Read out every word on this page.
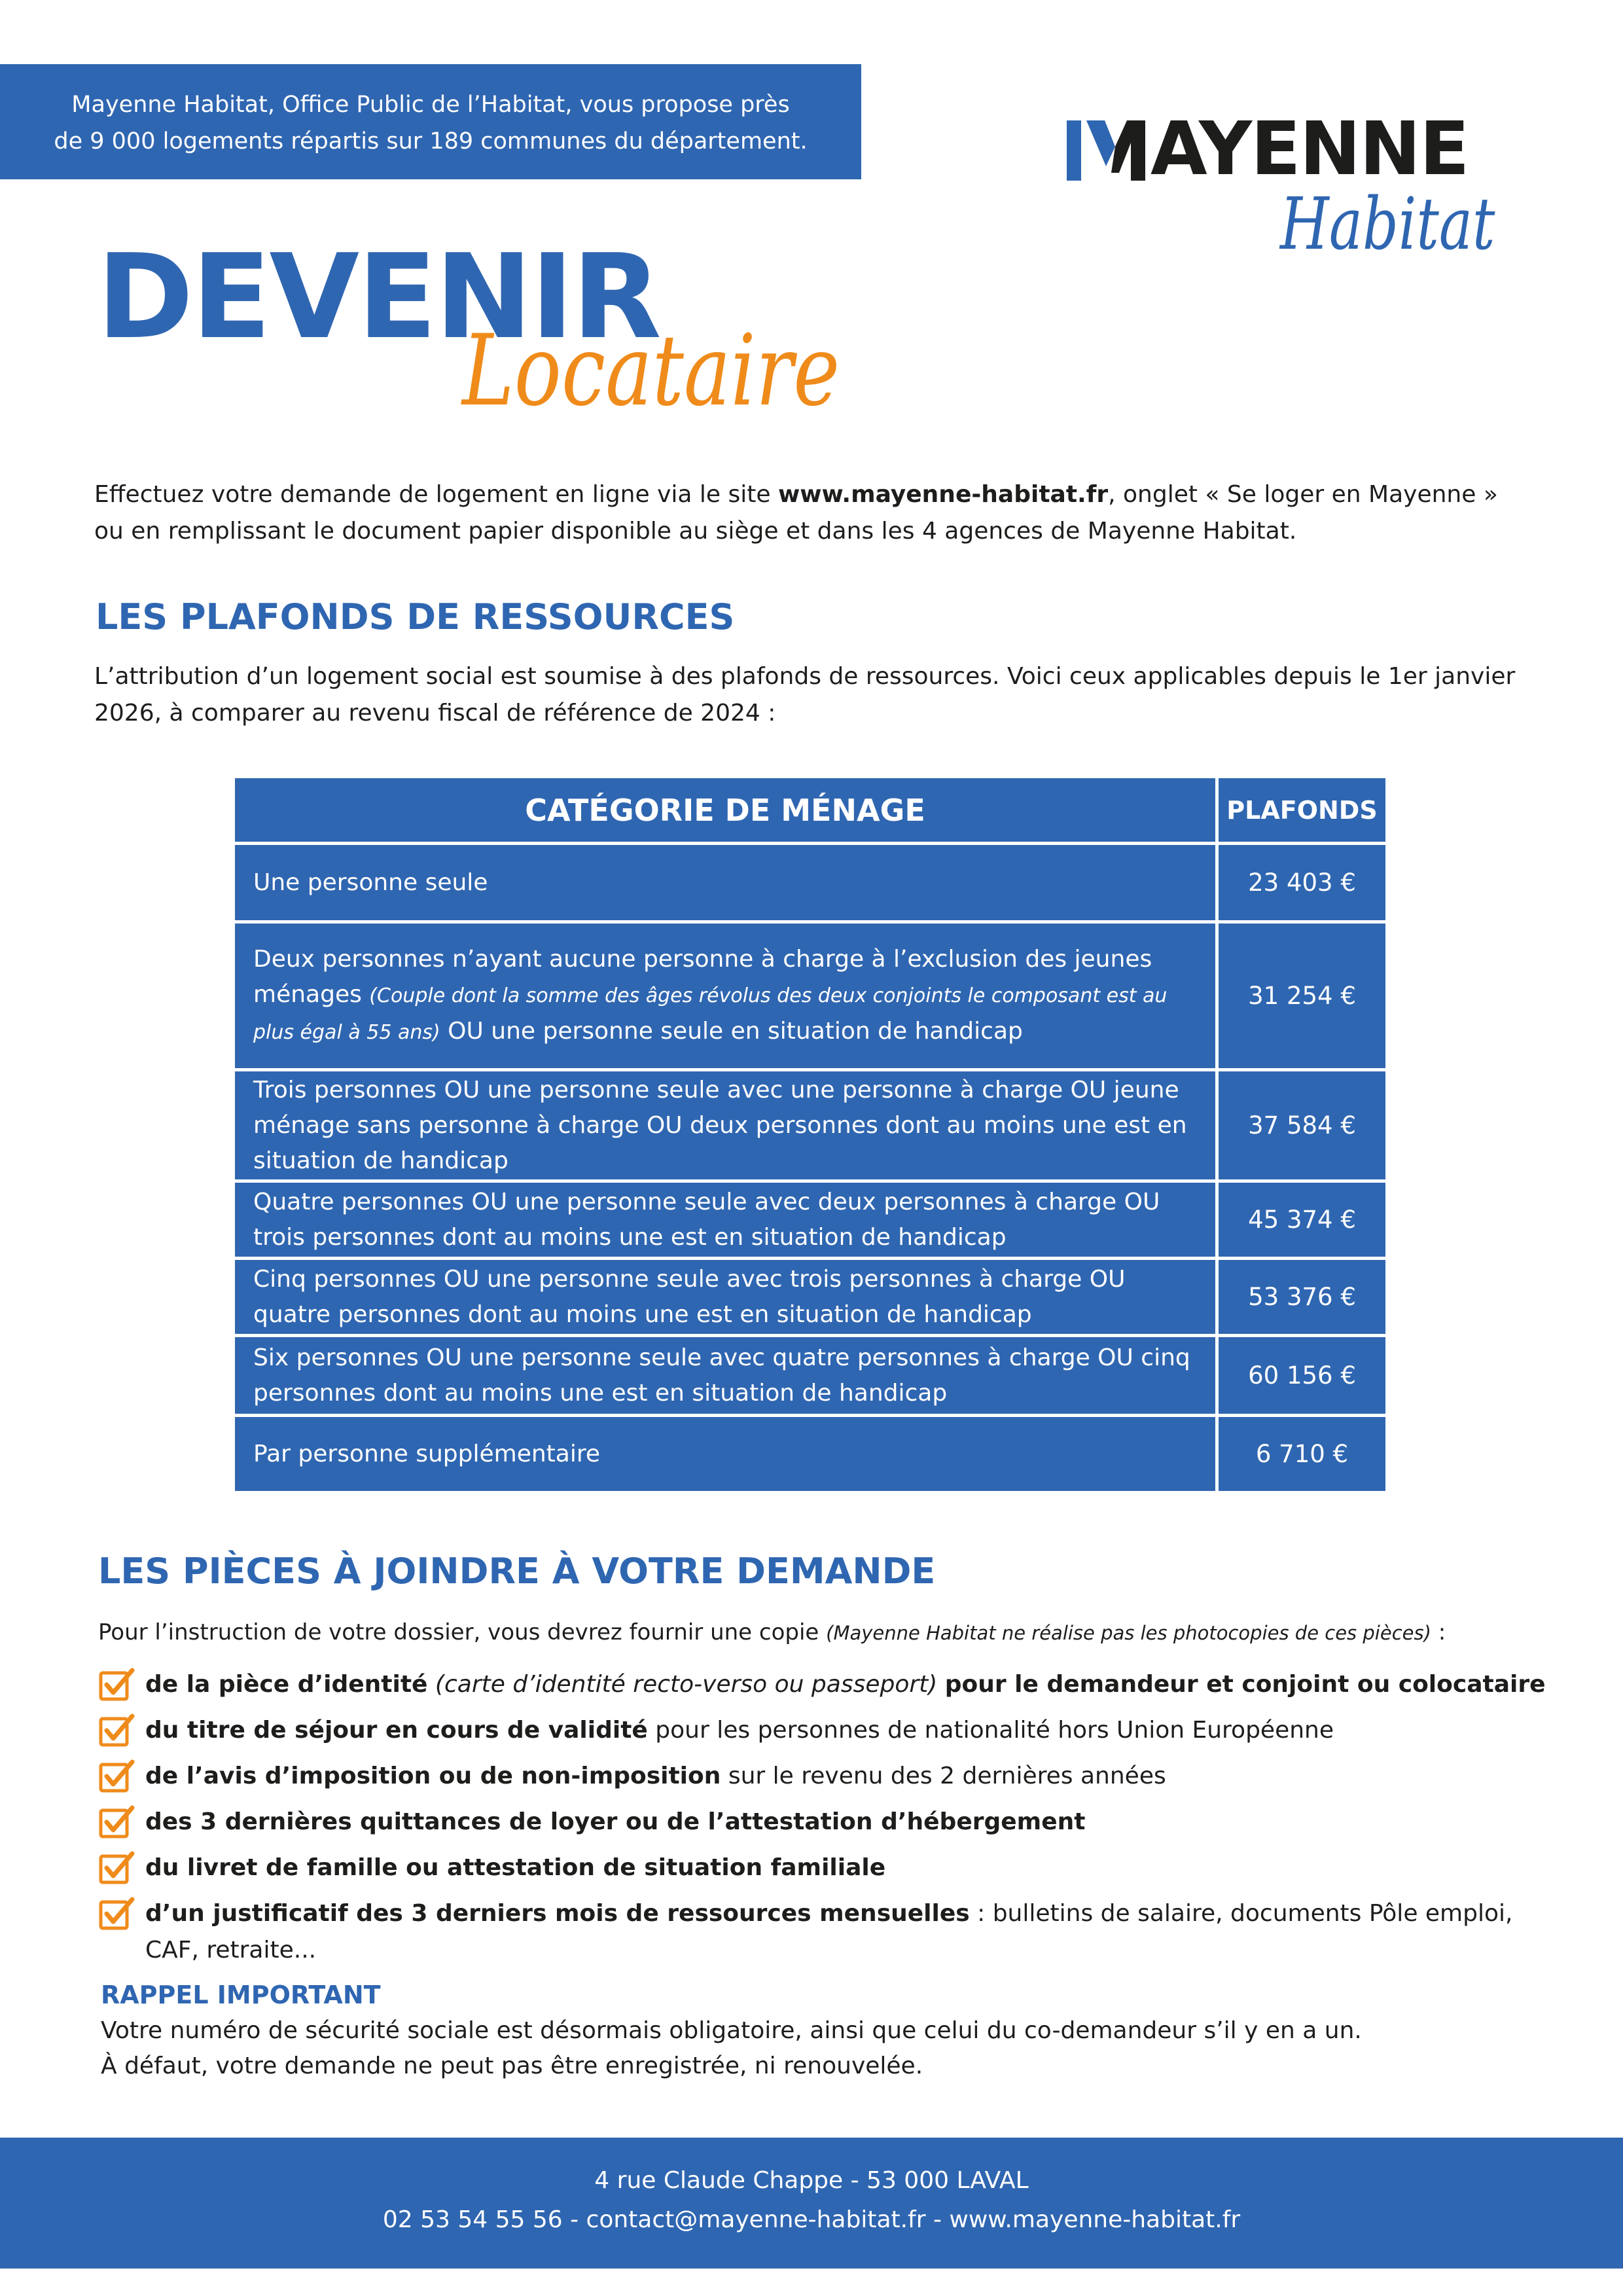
Mayenne Habitat, Office Public de l’Habitat, vous propose près
de 9 000 logements répartis sur 189 communes du département.	AYENNE
Habitat
DEVENIR
Locataire
Effectuez votre demande de logement en ligne via le site www.mayenne-habitat.fr, onglet « Se loger en Mayenne » ou en remplissant le document papier disponible au siège et dans les 4 agences de Mayenne Habitat.
LES PLAFONDS DE RESSOURCES
L’attribution d’un logement social est soumise à des plafonds de ressources. Voici ceux applicables depuis le 1er janvier 2026, à comparer au revenu fiscal de référence de 2024 :
CATÉGORIE DE MÉNAGE	PLAFONDS
Une personne seule	23 403 €
Deux personnes n’ayant aucune personne à charge à l’exclusion des jeunes ménages (Couple dont la somme des âges révolus des deux conjoints le composant est au plus égal à 55 ans) OU une personne seule en situation de handicap	31 254 €
Trois personnes OU une personne seule avec une personne à charge OU jeune ménage sans personne à charge OU deux personnes dont au moins une est en situation de handicap	37 584 €
Quatre personnes OU une personne seule avec deux personnes à charge OU trois personnes dont au moins une est en situation de handicap	45 374 €
Cinq personnes OU une personne seule avec trois personnes à charge OU quatre personnes dont au moins une est en situation de handicap	53 376 €
Six personnes OU une personne seule avec quatre personnes à charge OU cinq personnes dont au moins une est en situation de handicap	60 156 €
Par personne supplémentaire	6 710 €
LES PIÈCES À JOINDRE À VOTRE DEMANDE
Pour l’instruction de votre dossier, vous devrez fournir une copie (Mayenne Habitat ne réalise pas les photocopies de ces pièces) :
de la pièce d’identité (carte d’identité recto-verso ou passeport) pour le demandeur et conjoint ou colocataire
du titre de séjour en cours de validité pour les personnes de nationalité hors Union Européenne
de l’avis d’imposition ou de non-imposition sur le revenu des 2 dernières années
des 3 dernières quittances de loyer ou de l’attestation d’hébergement
du livret de famille ou attestation de situation familiale
d’un justificatif des 3 derniers mois de ressources mensuelles : bulletins de salaire, documents Pôle emploi, CAF, retraite...
RAPPEL IMPORTANT
Votre numéro de sécurité sociale est désormais obligatoire, ainsi que celui du co-demandeur s’il y en a un.
À défaut, votre demande ne peut pas être enregistrée, ni renouvelée.
4 rue Claude Chappe - 53 000 LAVAL
02 53 54 55 56 - contact@mayenne-habitat.fr - www.mayenne-habitat.fr
